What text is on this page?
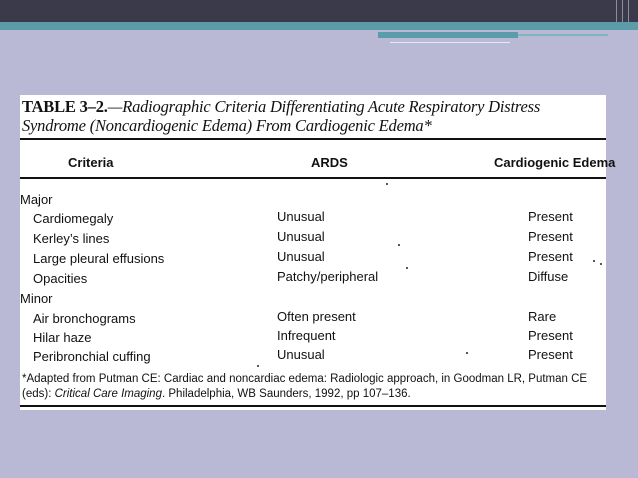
TABLE 3–2.—Radiographic Criteria Differentiating Acute Respiratory Distress Syndrome (Noncardiogenic Edema) From Cardiogenic Edema*
Criteria	ARDS	Cardiogenic Edema
Major
Cardiomegaly	Unusual	Present
Kerley’s lines	Unusual	Present
Large pleural effusions	Unusual	Present
Opacities	Patchy/peripheral	Diffuse
Minor
Air bronchograms	Often present	Rare
Hilar haze	Infrequent	Present
Peribronchial cuffing	Unusual	Present
*Adapted from Putman CE: Cardiac and noncardiac edema: Radiologic approach, in Goodman LR, Putman CE (eds): Critical Care Imaging. Philadelphia, WB Saunders, 1992, pp 107–136.
